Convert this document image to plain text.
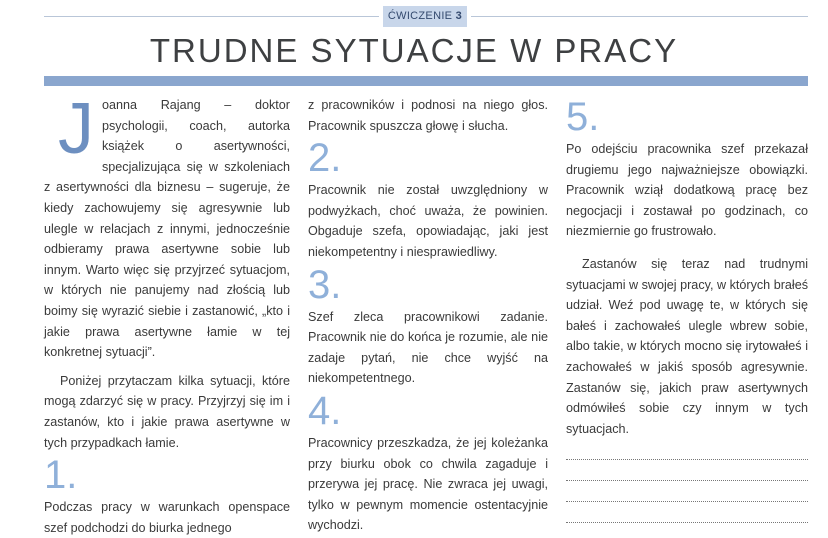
ĆWICZENIE 3
TRUDNE SYTUACJE W PRACY

Joanna Rajang – doktor psychologii, coach, autorka książek o asertywności, specjalizująca się w szkoleniach z asertywności dla biznesu – sugeruje, że kiedy zachowujemy się agresywnie lub ulegle w relacjach z innymi, jednocześnie odbieramy prawa asertywne sobie lub innym. Warto więc się przyjrzeć sytuacjom, w których nie panujemy nad złością lub boimy się wyrazić siebie i zastanowić, „kto i jakie prawa asertywne łamie w tej konkretnej sytuacji”.

Poniżej przytaczam kilka sytuacji, które mogą zdarzyć się w pracy. Przyjrzyj się im i zastanów, kto i jakie prawa asertywne w tych przypadkach łamie.

1.

Podczas pracy w warunkach openspace szef podchodzi do biurka jednego

z pracowników i podnosi na niego głos. Pracownik spuszcza głowę i słucha.

2.

Pracownik nie został uwzględniony w podwyżkach, choć uważa, że powinien. Obgaduje szefa, opowiadając, jaki jest niekompetentny i niesprawiedliwy.

3.

Szef zleca pracownikowi zadanie. Pracownik nie do końca je rozumie, ale nie zadaje pytań, nie chce wyjść na niekompetentnego.

4.

Pracownicy przeszkadza, że jej koleżanka przy biurku obok co chwila zagaduje i przerywa jej pracę. Nie zwraca jej uwagi, tylko w pewnym momencie ostentacyjnie wychodzi.

5.

Po odejściu pracownika szef przekazał drugiemu jego najważniejsze obowiązki. Pracownik wziął dodatkową pracę bez negocjacji i zostawał po godzinach, co niezmiernie go frustrowało.

Zastanów się teraz nad trudnymi sytuacjami w swojej pracy, w których brałeś udział. Weź pod uwagę te, w których się bałeś i zachowałeś ulegle wbrew sobie, albo takie, w których mocno się irytowałeś i zachowałeś w jakiś sposób agresywnie. Zastanów się, jakich praw asertywnych odmówiłeś sobie czy innym w tych sytuacjach.
